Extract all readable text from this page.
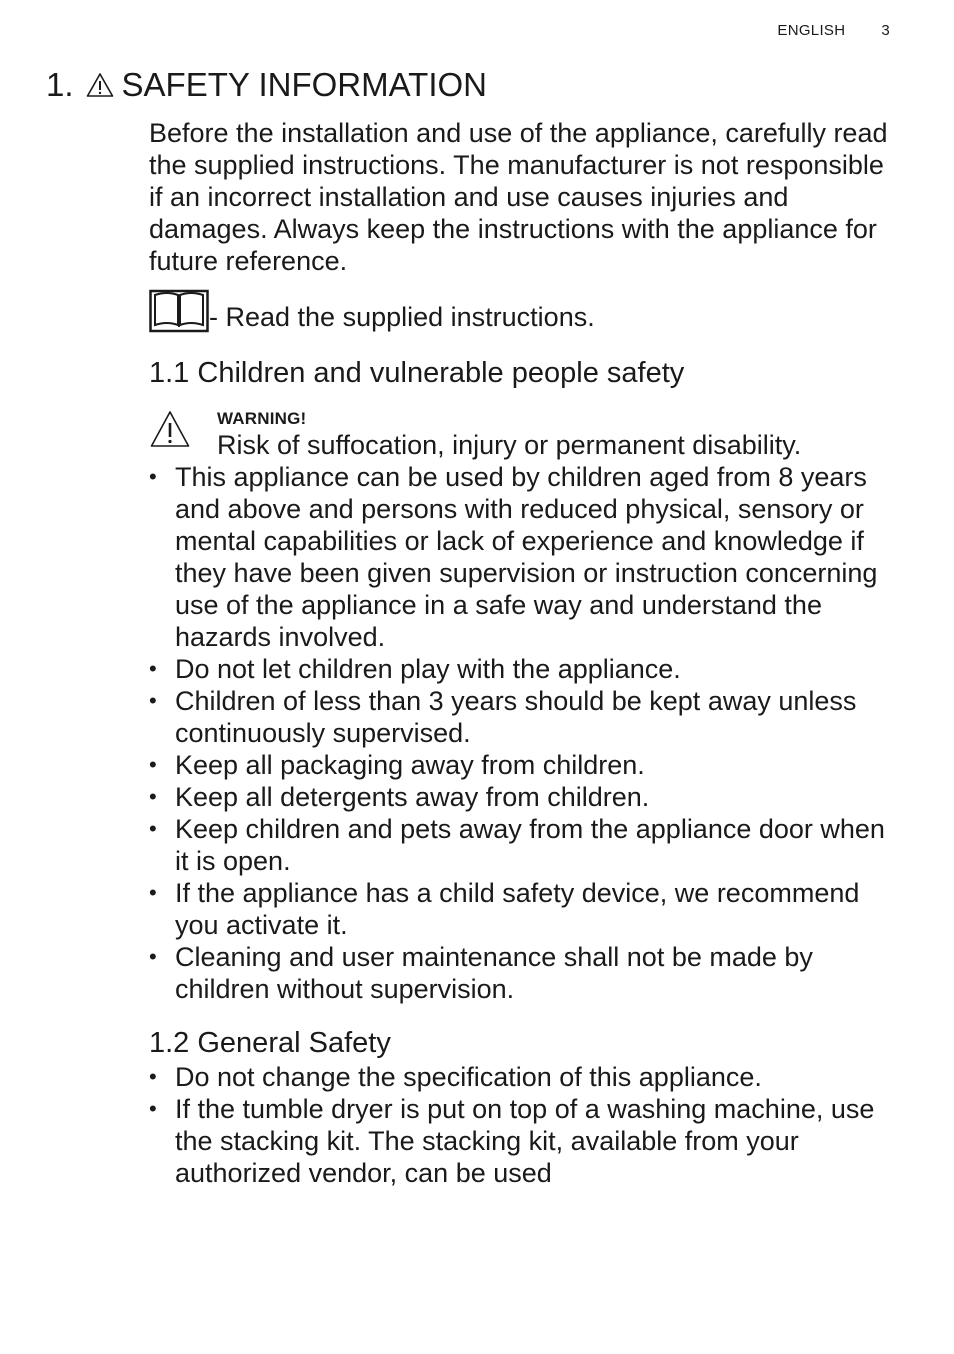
ENGLISH 3
1. SAFETY INFORMATION

Before the installation and use of the appliance, carefully read the supplied instructions. The manufacturer is not responsible if an incorrect installation and use causes injuries and damages. Always keep the instructions with the appliance for future reference.

- Read the supplied instructions.
1.1 Children and vulnerable people safety
WARNING!

Risk of suffocation, injury or permanent disability.

• This appliance can be used by children aged from 8 years and above and persons with reduced physical, sensory or mental capabilities or lack of experience and knowledge if they have been given supervision or instruction concerning use of the appliance in a safe way and understand the hazards involved.
• Do not let children play with the appliance.
• Children of less than 3 years should be kept away unless continuously supervised.
• Keep all packaging away from children.
• Keep all detergents away from children.
• Keep children and pets away from the appliance door when it is open.
• If the appliance has a child safety device, we recommend you activate it.
• Cleaning and user maintenance shall not be made by children without supervision.
1.2 General Safety
• Do not change the specification of this appliance.
• If the tumble dryer is put on top of a washing machine, use the stacking kit. The stacking kit, available from your authorized vendor, can be used
